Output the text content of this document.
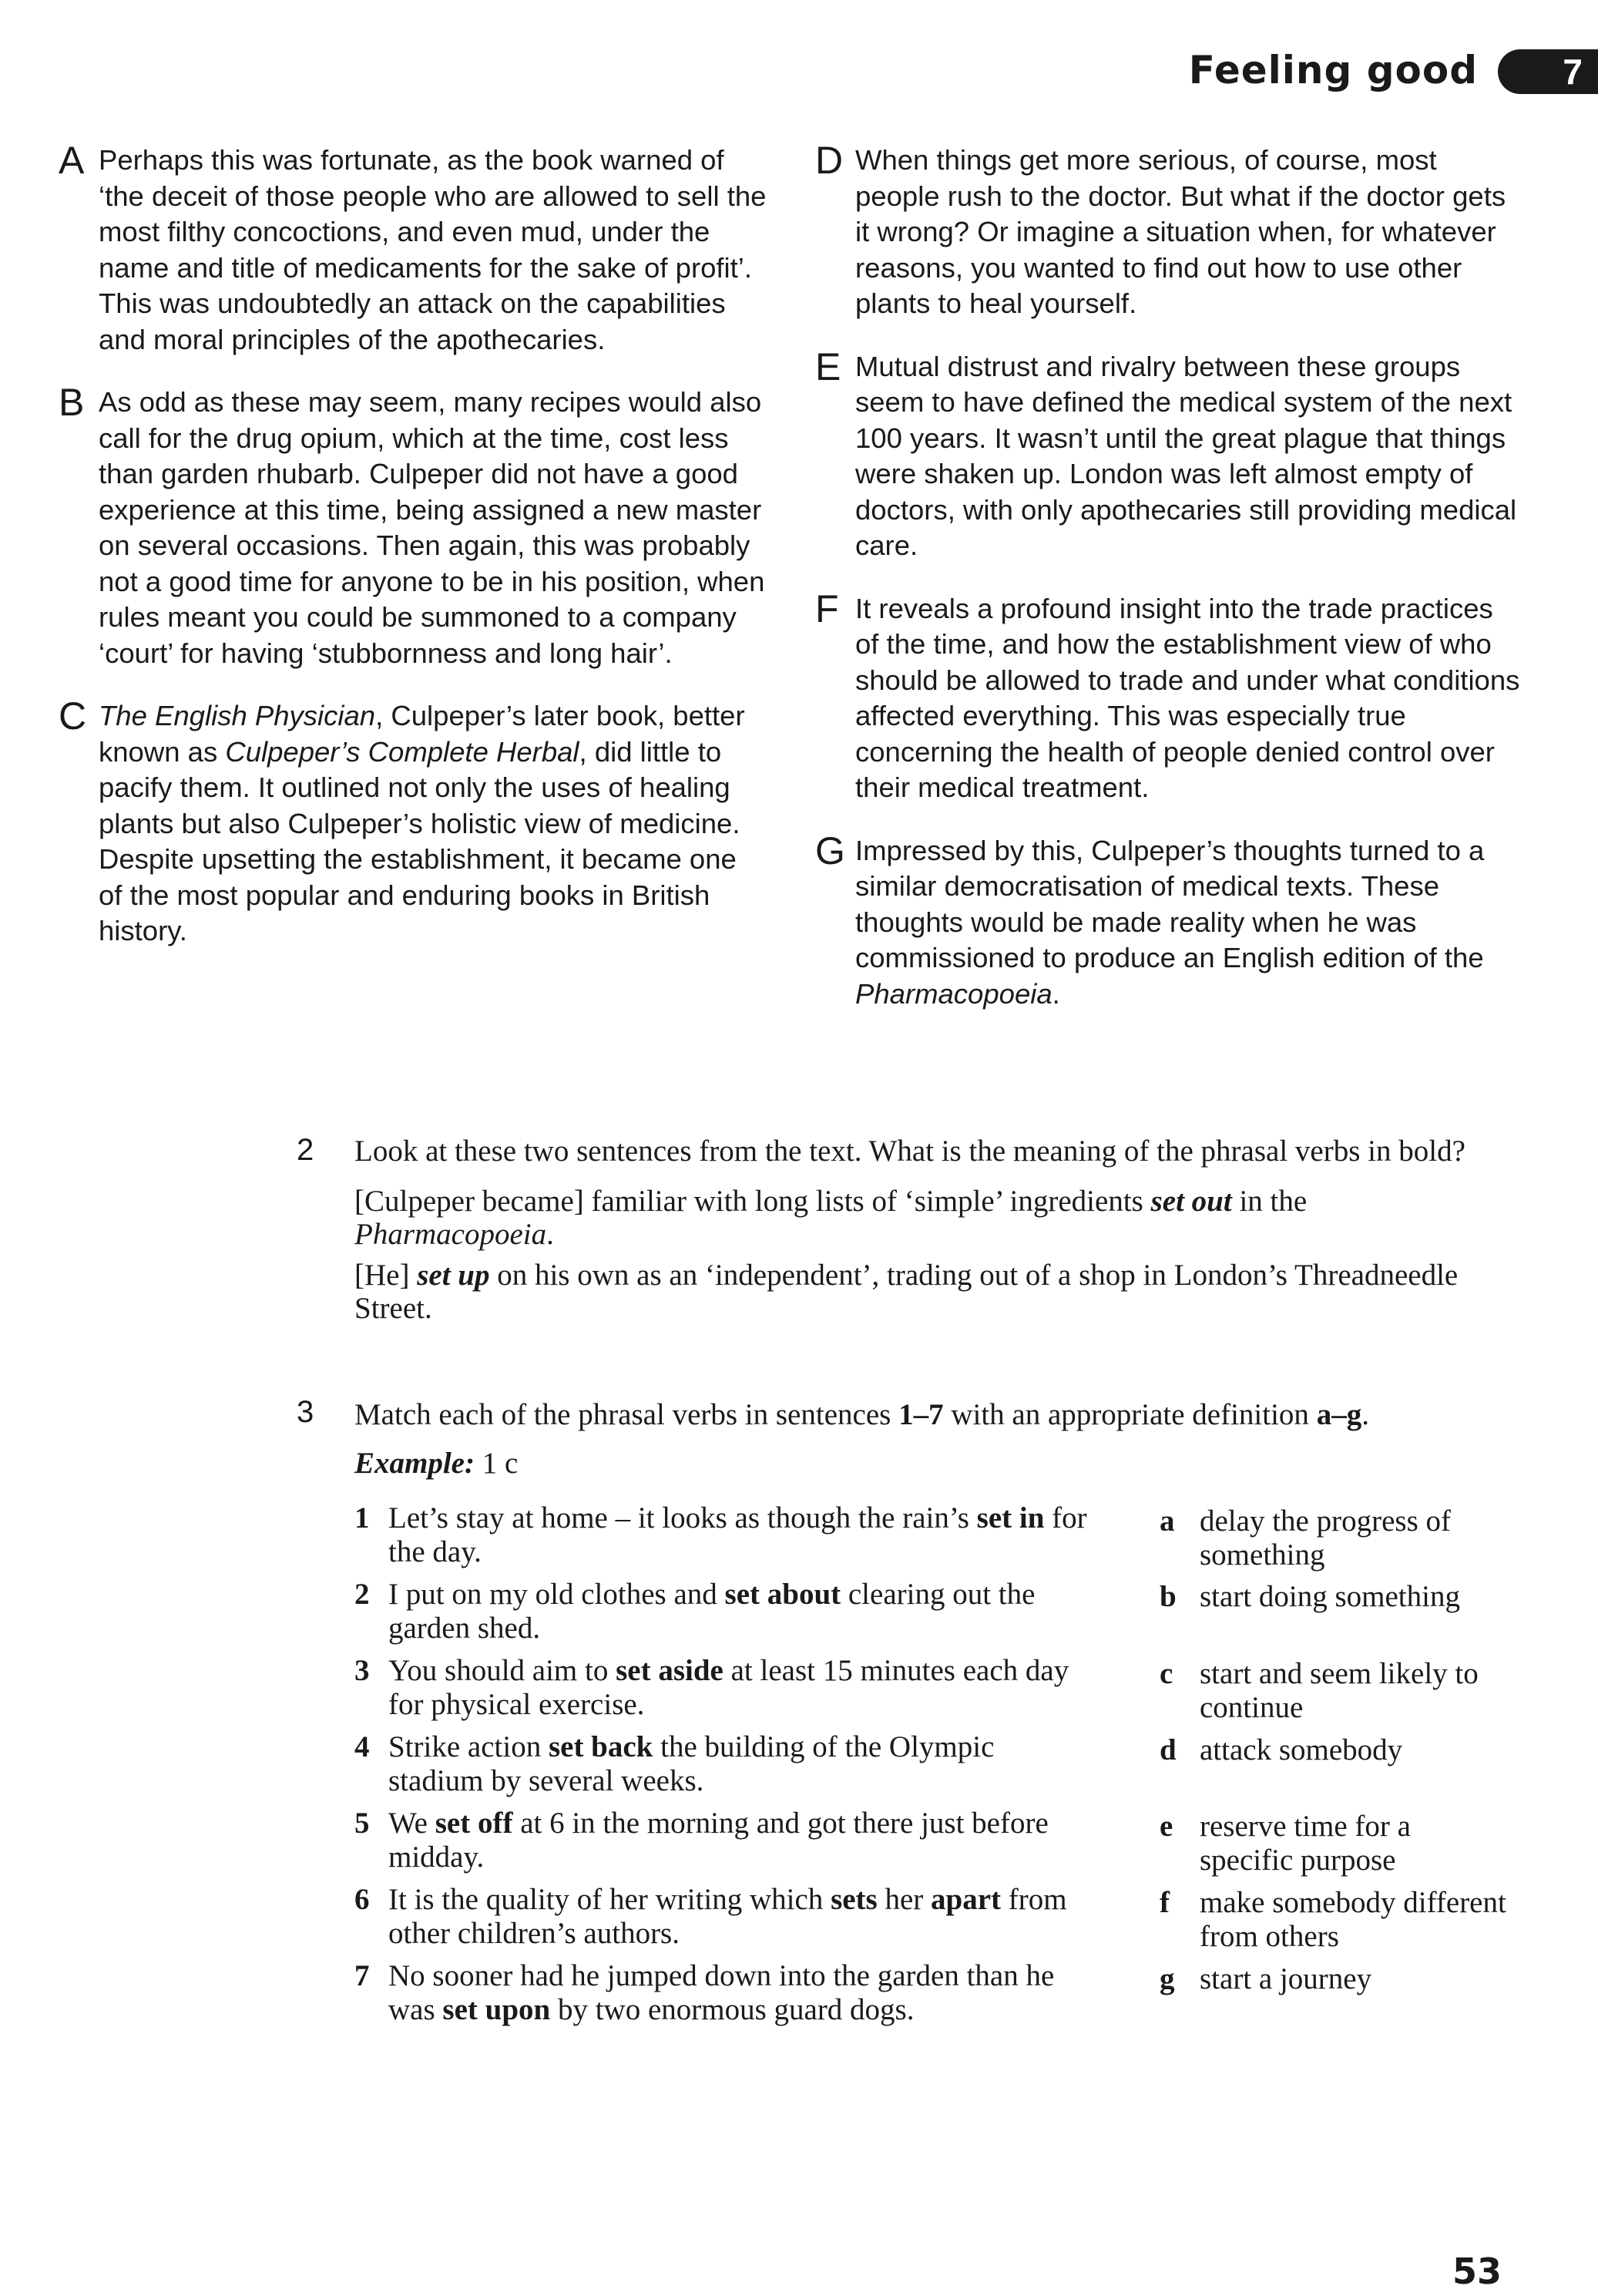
Feeling good 7
A Perhaps this was fortunate, as the book warned of ‘the deceit of those people who are allowed to sell the most filthy concoctions, and even mud, under the name and title of medicaments for the sake of profit’. This was undoubtedly an attack on the capabilities and moral principles of the apothecaries.

B As odd as these may seem, many recipes would also call for the drug opium, which at the time, cost less than garden rhubarb. Culpeper did not have a good experience at this time, being assigned a new master on several occasions. Then again, this was probably not a good time for anyone to be in his position, when rules meant you could be summoned to a company ‘court’ for having ‘stubbornness and long hair’.

C The English Physician, Culpeper’s later book, better known as Culpeper’s Complete Herbal, did little to pacify them. It outlined not only the uses of healing plants but also Culpeper’s holistic view of medicine. Despite upsetting the establishment, it became one of the most popular and enduring books in British history.

D When things get more serious, of course, most people rush to the doctor. But what if the doctor gets it wrong? Or imagine a situation when, for whatever reasons, you wanted to find out how to use other plants to heal yourself.

E Mutual distrust and rivalry between these groups seem to have defined the medical system of the next 100 years. It wasn’t until the great plague that things were shaken up. London was left almost empty of doctors, with only apothecaries still providing medical care.

F It reveals a profound insight into the trade practices of the time, and how the establishment view of who should be allowed to trade and under what conditions affected everything. This was especially true concerning the health of people denied control over their medical treatment.

G Impressed by this, Culpeper’s thoughts turned to a similar democratisation of medical texts. These thoughts would be made reality when he was commissioned to produce an English edition of the Pharmacopoeia.

2 Look at these two sentences from the text. What is the meaning of the phrasal verbs in bold?

[Culpeper became] familiar with long lists of ‘simple’ ingredients set out in the Pharmacopoeia.

[He] set up on his own as an ‘independent’, trading out of a shop in London’s Threadneedle Street.

3 Match each of the phrasal verbs in sentences 1–7 with an appropriate definition a–g.

Example: 1 c

1 Let’s stay at home – it looks as though the rain’s set in for the day.
2 I put on my old clothes and set about clearing out the garden shed.
3 You should aim to set aside at least 15 minutes each day for physical exercise.
4 Strike action set back the building of the Olympic stadium by several weeks.
5 We set off at 6 in the morning and got there just before midday.
6 It is the quality of her writing which sets her apart from other children’s authors.
7 No sooner had he jumped down into the garden than he was set upon by two enormous guard dogs.
a delay the progress of something
b start doing something
c start and seem likely to continue
d attack somebody
e reserve time for a specific purpose
f make somebody different from others
g start a journey
53
